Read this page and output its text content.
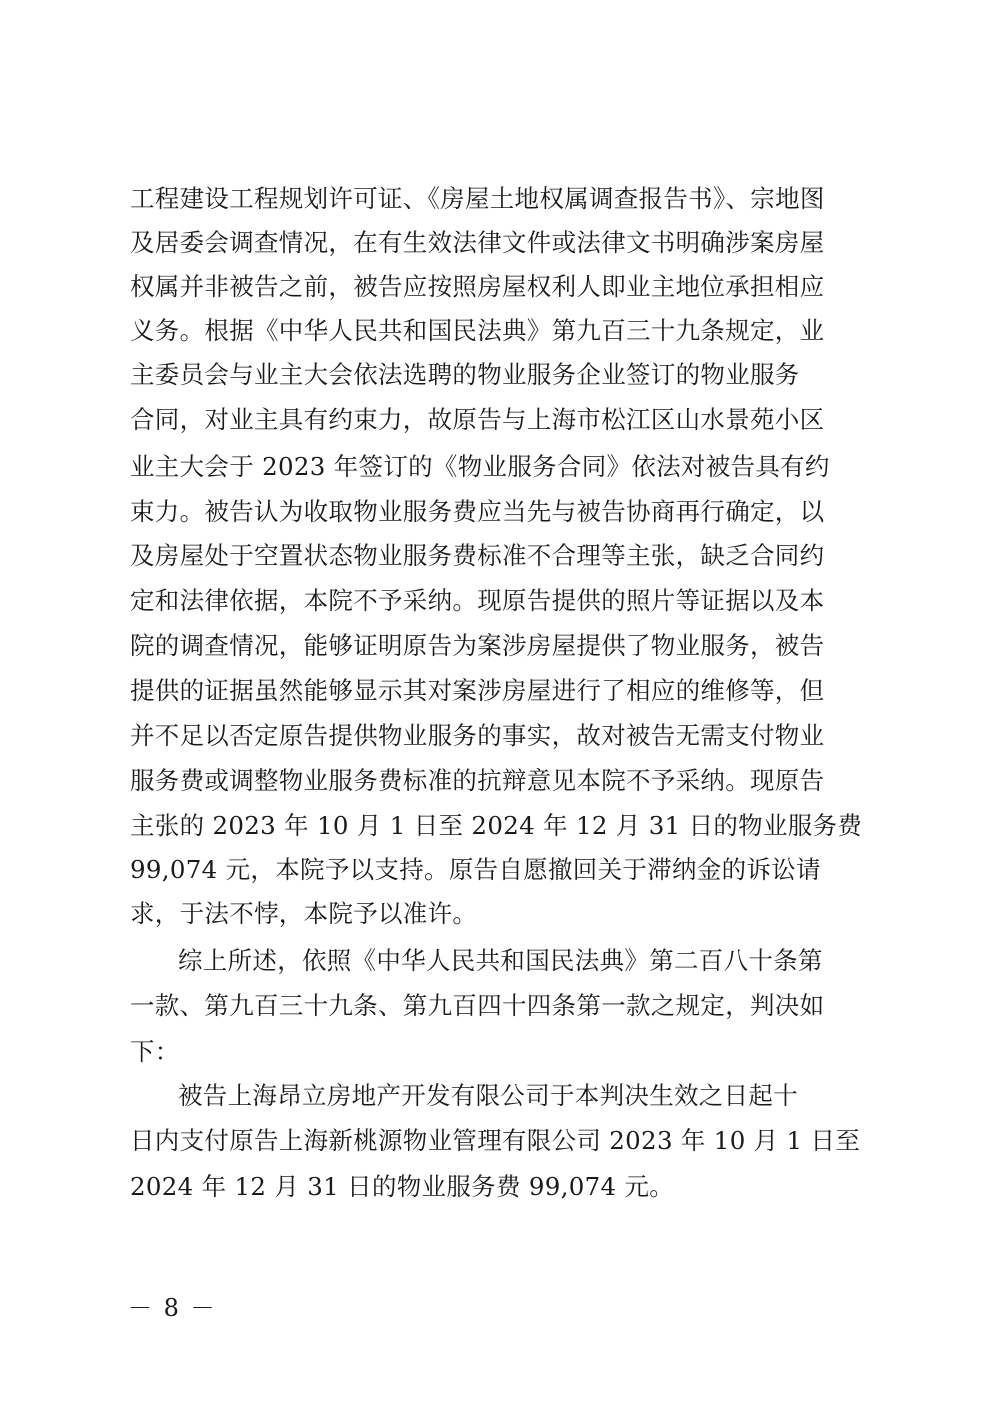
工程建设工程规划许可证、《房屋土地权属调查报告书》、宗地图
及居委会调查情况，在有生效法律文件或法律文书明确涉案房屋
权属并非被告之前，被告应按照房屋权利人即业主地位承担相应
义务。根据《中华人民共和国民法典》第九百三十九条规定，业
主委员会与业主大会依法选聘的物业服务企业签订的物业服务
合同，对业主具有约束力，故原告与上海市松江区山水景苑小区
业主大会于 2023 年签订的《物业服务合同》依法对被告具有约
束力。被告认为收取物业服务费应当先与被告协商再行确定，以
及房屋处于空置状态物业服务费标准不合理等主张，缺乏合同约
定和法律依据，本院不予采纳。现原告提供的照片等证据以及本
院的调查情况，能够证明原告为案涉房屋提供了物业服务，被告
提供的证据虽然能够显示其对案涉房屋进行了相应的维修等，但
并不足以否定原告提供物业服务的事实，故对被告无需支付物业
服务费或调整物业服务费标准的抗辩意见本院不予采纳。现原告
主张的 2023 年 10 月 1 日至 2024 年 12 月 31 日的物业服务费
99,074 元，本院予以支持。原告自愿撤回关于滞纳金的诉讼请
求，于法不悖，本院予以准许。
综上所述，依照《中华人民共和国民法典》第二百八十条第
一款、第九百三十九条、第九百四十四条第一款之规定，判决如
下：
被告上海昂立房地产开发有限公司于本判决生效之日起十
日内支付原告上海新桃源物业管理有限公司 2023 年 10 月 1 日至
2024 年 12 月 31 日的物业服务费 99,074 元。
－ 8 －
